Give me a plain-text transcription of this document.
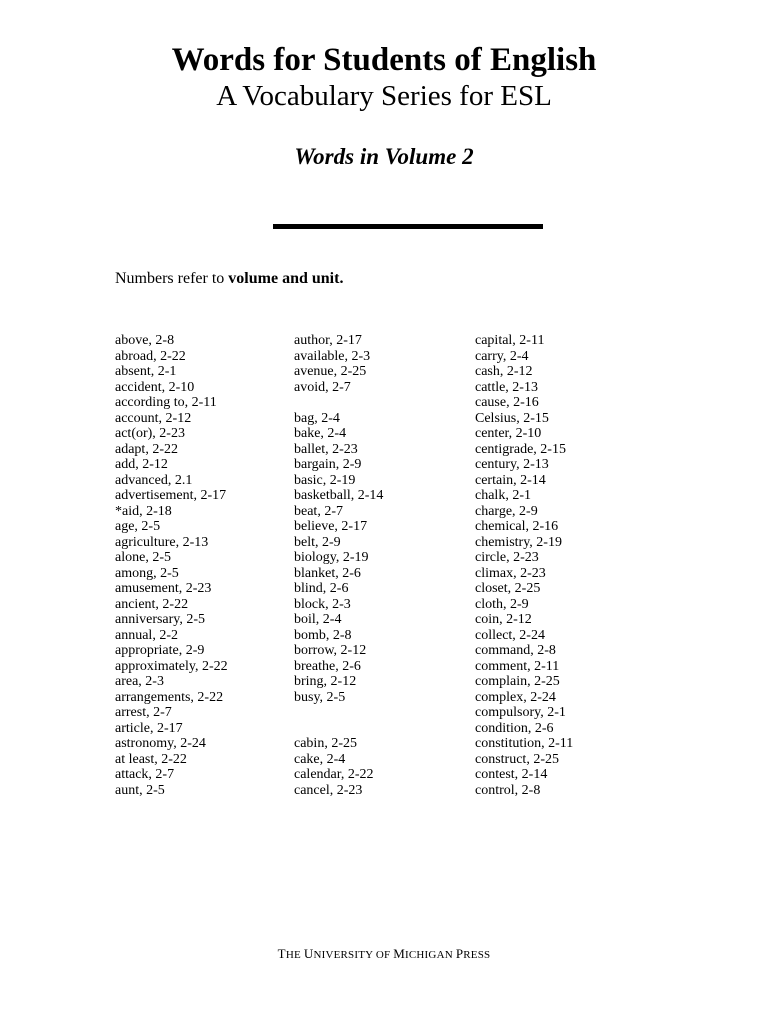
Words for Students of English
A Vocabulary Series for ESL
Words in Volume 2
Numbers refer to volume and unit.
above, 2-8
abroad, 2-22
absent, 2-1
accident, 2-10
according to, 2-11
account, 2-12
act(or), 2-23
adapt, 2-22
add, 2-12
advanced, 2.1
advertisement, 2-17
*aid, 2-18
age, 2-5
agriculture, 2-13
alone, 2-5
among, 2-5
amusement, 2-23
ancient, 2-22
anniversary, 2-5
annual, 2-2
appropriate, 2-9
approximately, 2-22
area, 2-3
arrangements, 2-22
arrest, 2-7
article, 2-17
astronomy, 2-24
at least, 2-22
attack, 2-7
aunt, 2-5
author, 2-17
available, 2-3
avenue, 2-25
avoid, 2-7
bag, 2-4
bake, 2-4
ballet, 2-23
bargain, 2-9
basic, 2-19
basketball, 2-14
beat, 2-7
believe, 2-17
belt, 2-9
biology, 2-19
blanket, 2-6
blind, 2-6
block, 2-3
boil, 2-4
bomb, 2-8
borrow, 2-12
breathe, 2-6
bring, 2-12
busy, 2-5
cabin, 2-25
cake, 2-4
calendar, 2-22
cancel, 2-23
capital, 2-11
carry, 2-4
cash, 2-12
cattle, 2-13
cause, 2-16
Celsius, 2-15
center, 2-10
centigrade, 2-15
century, 2-13
certain, 2-14
chalk, 2-1
charge, 2-9
chemical, 2-16
chemistry, 2-19
circle, 2-23
climax, 2-23
closet, 2-25
cloth, 2-9
coin, 2-12
collect, 2-24
command, 2-8
comment, 2-11
complain, 2-25
complex, 2-24
compulsory, 2-1
condition, 2-6
constitution, 2-11
construct, 2-25
contest, 2-14
control, 2-8
THE UNIVERSITY OF MICHIGAN PRESS
